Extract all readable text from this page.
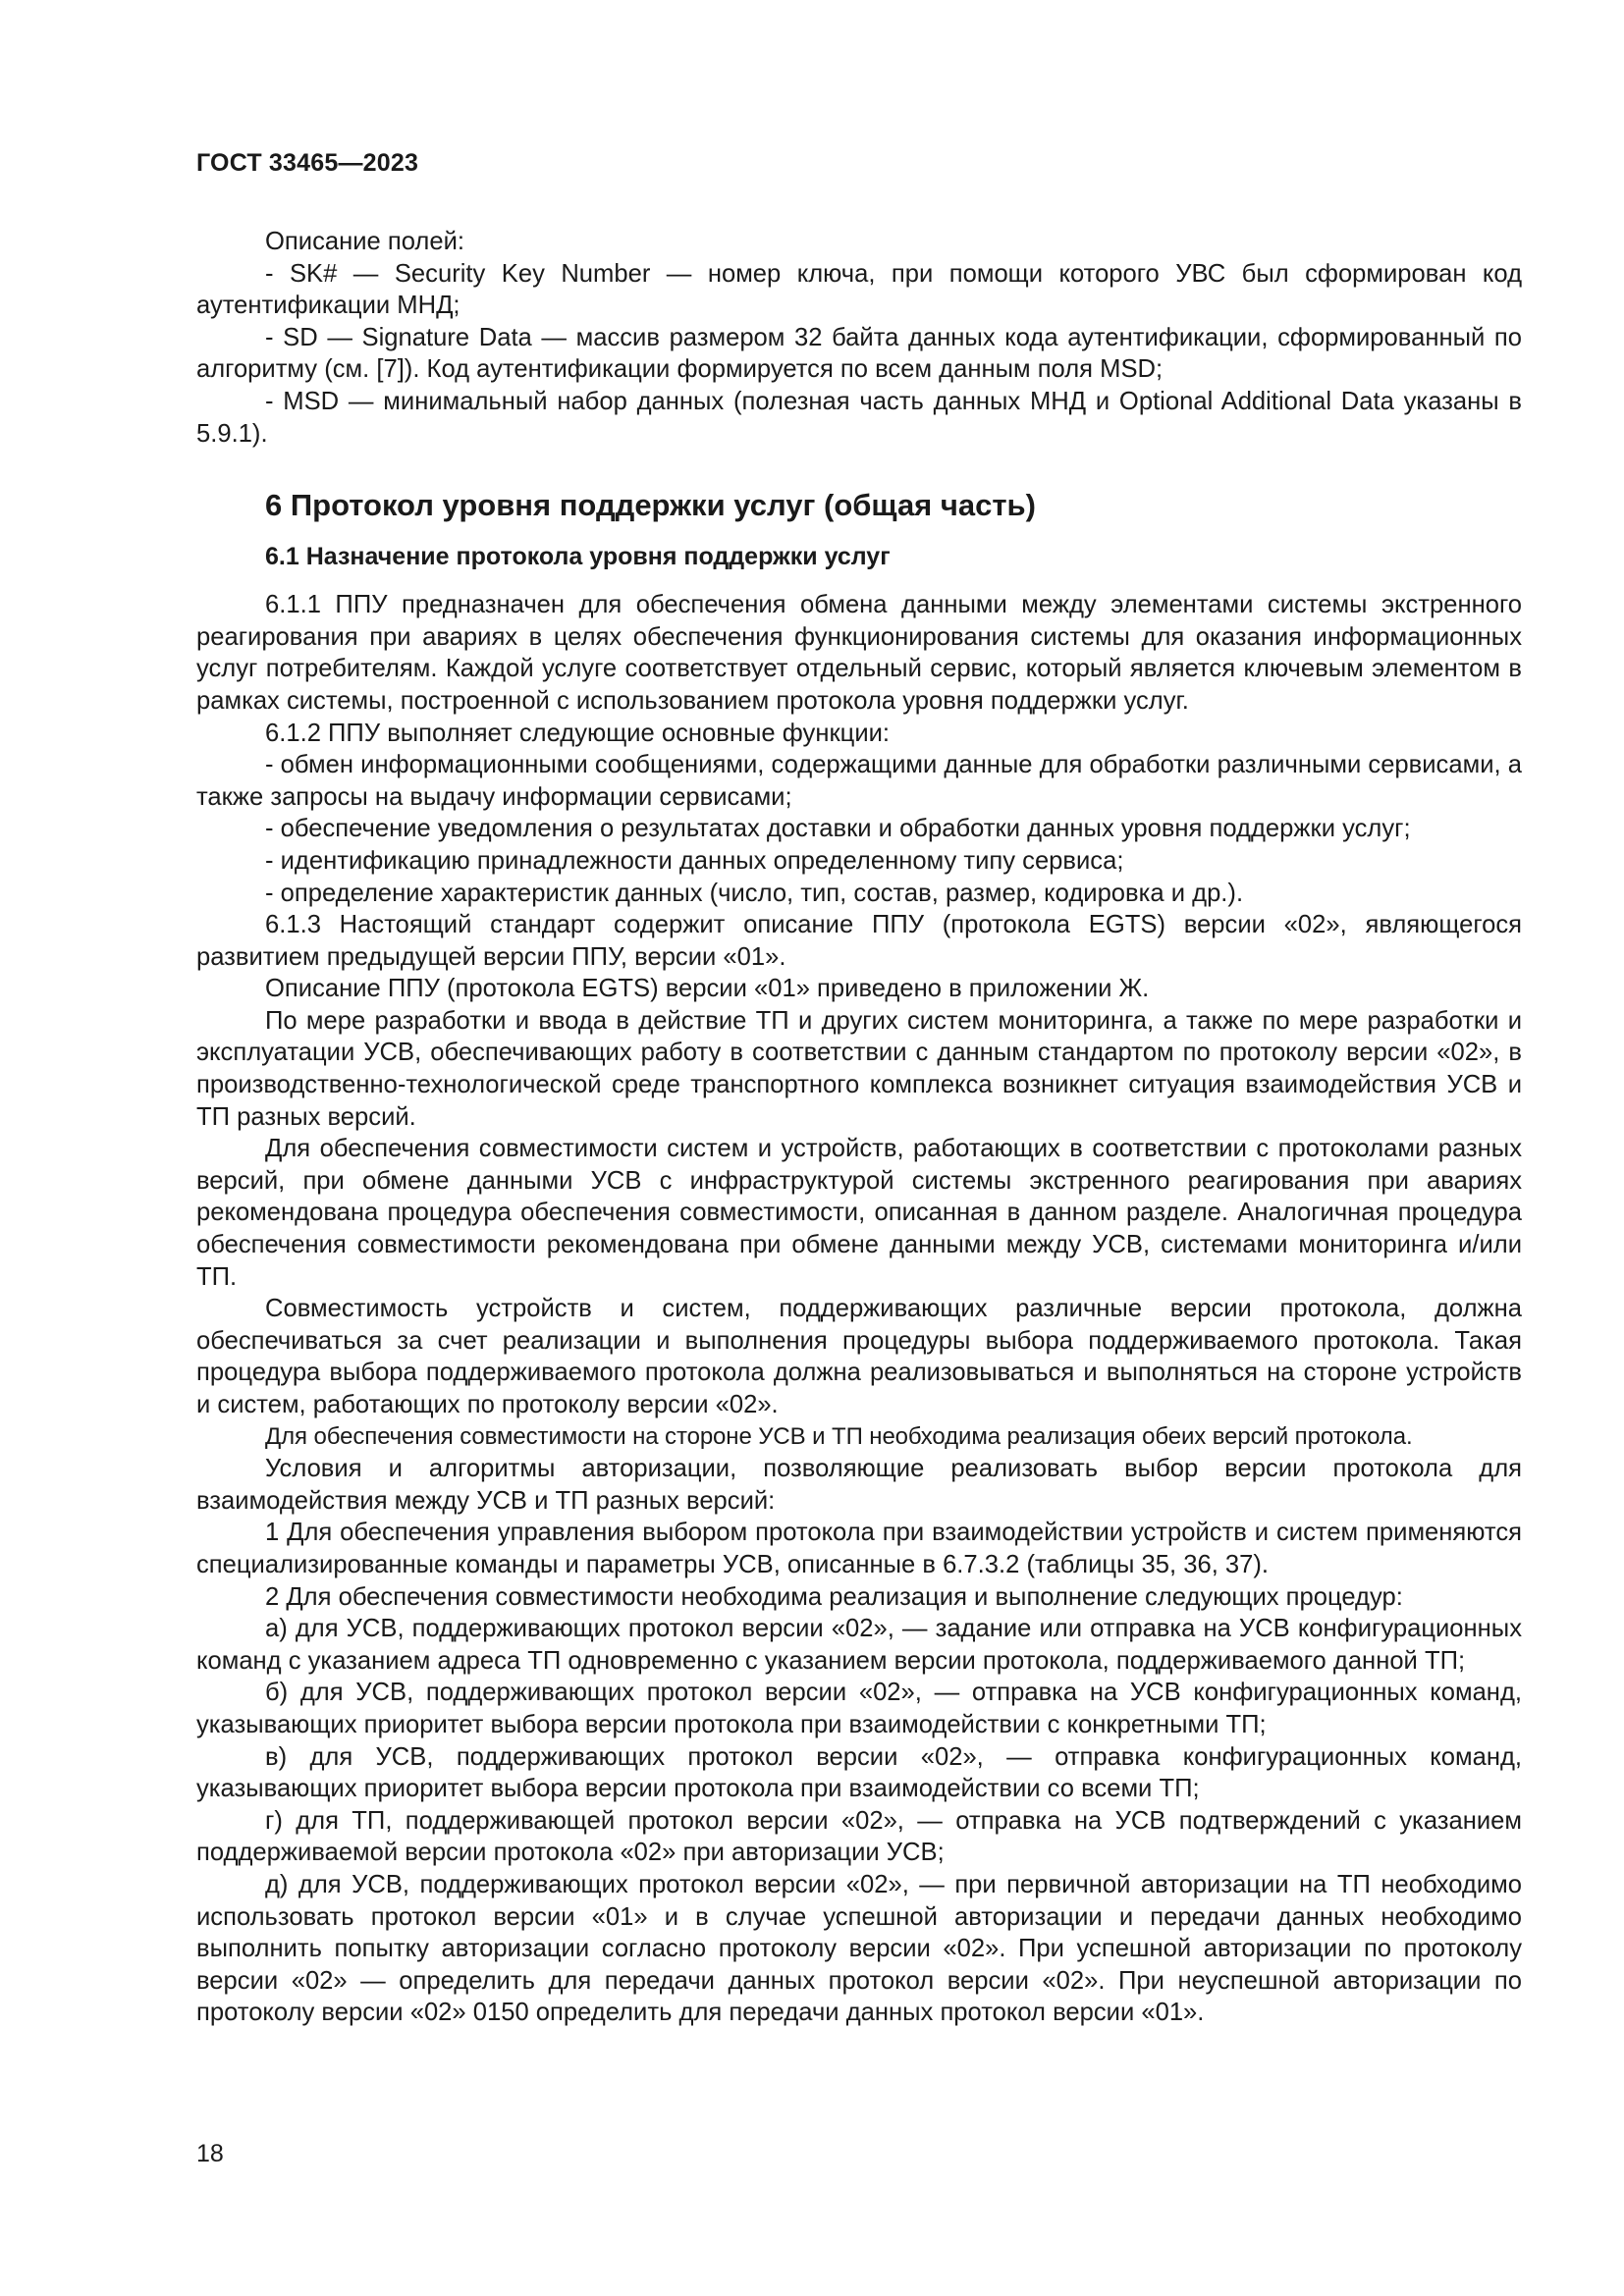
ГОСТ 33465—2023

Описание полей:

- SK# — Security Key Number — номер ключа, при помощи которого УВС был сформирован код аутентификации МНД;

- SD — Signature Data — массив размером 32 байта данных кода аутентификации, сформированный по алгоритму (см. [7]). Код аутентификации формируется по всем данным поля MSD;

- MSD — минимальный набор данных (полезная часть данных МНД и Optional Additional Data указаны в 5.9.1).

6 Протокол уровня поддержки услуг (общая часть)
6.1 Назначение протокола уровня поддержки услуг

6.1.1 ППУ предназначен для обеспечения обмена данными между элементами системы экстренного реагирования при авариях в целях обеспечения функционирования системы для оказания информационных услуг потребителям. Каждой услуге соответствует отдельный сервис, который является ключевым элементом в рамках системы, построенной с использованием протокола уровня поддержки услуг.

6.1.2 ППУ выполняет следующие основные функции:

- обмен информационными сообщениями, содержащими данные для обработки различными сервисами, а также запросы на выдачу информации сервисами;

- обеспечение уведомления о результатах доставки и обработки данных уровня поддержки услуг;

- идентификацию принадлежности данных определенному типу сервиса;

- определение характеристик данных (число, тип, состав, размер, кодировка и др.).

6.1.3 Настоящий стандарт содержит описание ППУ (протокола EGTS) версии «02», являющегося развитием предыдущей версии ППУ, версии «01».

Описание ППУ (протокола EGTS) версии «01» приведено в приложении Ж.

По мере разработки и ввода в действие ТП и других систем мониторинга, а также по мере разработки и эксплуатации УСВ, обеспечивающих работу в соответствии с данным стандартом по протоколу версии «02», в производственно-технологической среде транспортного комплекса возникнет ситуация взаимодействия УСВ и ТП разных версий.

Для обеспечения совместимости систем и устройств, работающих в соответствии с протоколами разных версий, при обмене данными УСВ с инфраструктурой системы экстренного реагирования при авариях рекомендована процедура обеспечения совместимости, описанная в данном разделе. Аналогичная процедура обеспечения совместимости рекомендована при обмене данными между УСВ, системами мониторинга и/или ТП.

Совместимость устройств и систем, поддерживающих различные версии протокола, должна обеспечиваться за счет реализации и выполнения процедуры выбора поддерживаемого протокола. Такая процедура выбора поддерживаемого протокола должна реализовываться и выполняться на стороне устройств и систем, работающих по протоколу версии «02».

Для обеспечения совместимости на стороне УСВ и ТП необходима реализация обеих версий протокола.

Условия и алгоритмы авторизации, позволяющие реализовать выбор версии протокола для взаимодействия между УСВ и ТП разных версий:

1 Для обеспечения управления выбором протокола при взаимодействии устройств и систем применяются специализированные команды и параметры УСВ, описанные в 6.7.3.2 (таблицы 35, 36, 37).

2 Для обеспечения совместимости необходима реализация и выполнение следующих процедур:

а) для УСВ, поддерживающих протокол версии «02», — задание или отправка на УСВ конфигурационных команд с указанием адреса ТП одновременно с указанием версии протокола, поддерживаемого данной ТП;

б) для УСВ, поддерживающих протокол версии «02», — отправка на УСВ конфигурационных команд, указывающих приоритет выбора версии протокола при взаимодействии с конкретными ТП;

в) для УСВ, поддерживающих протокол версии «02», — отправка конфигурационных команд, указывающих приоритет выбора версии протокола при взаимодействии со всеми ТП;

г) для ТП, поддерживающей протокол версии «02», — отправка на УСВ подтверждений с указанием поддерживаемой версии протокола «02» при авторизации УСВ;

д) для УСВ, поддерживающих протокол версии «02», — при первичной авторизации на ТП необходимо использовать протокол версии «01» и в случае успешной авторизации и передачи данных необходимо выполнить попытку авторизации согласно протоколу версии «02». При успешной авторизации по протоколу версии «02» — определить для передачи данных протокол версии «02». При неуспешной авторизации по протоколу версии «02» 0150 определить для передачи данных протокол версии «01».

18
